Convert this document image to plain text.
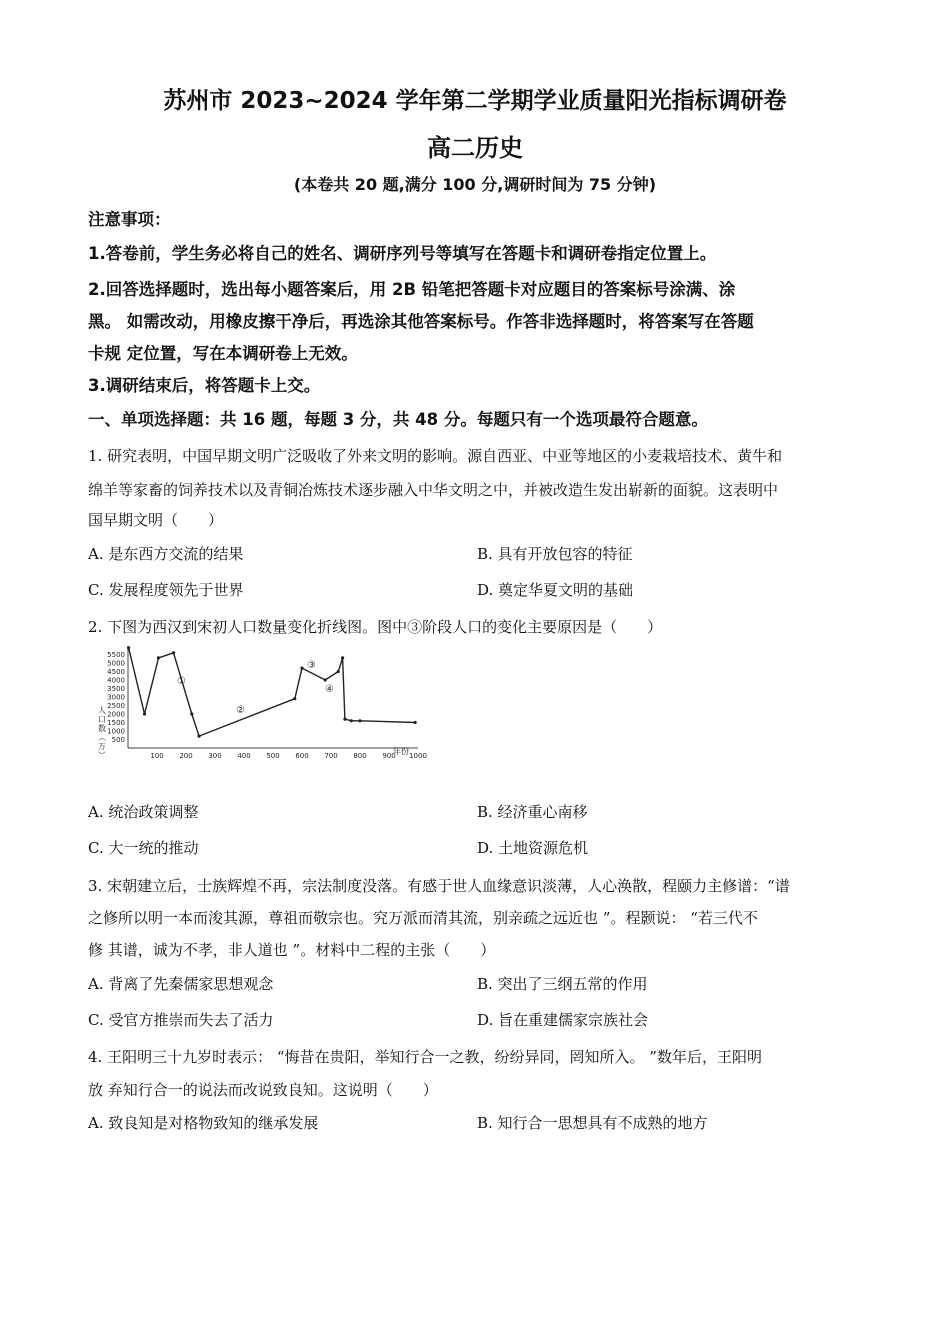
苏州市 2023~2024 学年第二学期学业质量阳光指标调研卷
高二历史
(本卷共 20 题,满分 100 分,调研时间为 75 分钟)
注意事项：
1.答卷前，学生务必将自己的姓名、调研序列号等填写在答题卡和调研卷指定位置上。
2.回答选择题时，选出每小题答案后，用 2B 铅笔把答题卡对应题目的答案标号涂满、涂
黑。 如需改动，用橡皮擦干净后，再选涂其他答案标号。作答非选择题时，将答案写在答题
卡规 定位置，写在本调研卷上无效。
3.调研结束后，将答题卡上交。
一、单项选择题：共 16 题，每题 3 分，共 48 分。每题只有一个选项最符合题意。
1. 研究表明，中国早期文明广泛吸收了外来文明的影响。源自西亚、中亚等地区的小麦栽培技术、黄牛和
绵羊等家畜的饲养技术以及青铜冶炼技术逐步融入中华文明之中，并被改造生发出崭新的面貌。这表明中
国早期文明（　　）
A. 是东西方交流的结果	B. 具有开放包容的特征
C. 发展程度领先于世界	D. 奠定华夏文明的基础
2. 下图为西汉到宋初人口数量变化折线图。图中③阶段人口的变化主要原因是（　　）
500
1000
1500
2000
2500
3000
3500
4000
4500
5000
5500
100 200 300 400 500 600 700 800 900 1000
人口数（万）	年份
①
②
③
④
A. 统治政策调整	B. 经济重心南移
C. 大一统的推动	D. 土地资源危机
3. 宋朝建立后，士族辉煌不再，宗法制度没落。有感于世人血缘意识淡薄，人心涣散，程颐力主修谱：“谱
之修所以明一本而浚其源，尊祖而敬宗也。究万派而清其流，别亲疏之远近也 ”。程颢说： “若三代不
修 其谱，诚为不孝，非人道也 ”。材料中二程的主张（　　）
A. 背离了先秦儒家思想观念	B. 突出了三纲五常的作用
C. 受官方推崇而失去了活力	D. 旨在重建儒家宗族社会
4. 王阳明三十九岁时表示： “悔昔在贵阳，举知行合一之教，纷纷异同，罔知所入。 ”数年后，王阳明
放 弃知行合一的说法而改说致良知。这说明（　　）
A. 致良知是对格物致知的继承发展	B. 知行合一思想具有不成熟的地方
